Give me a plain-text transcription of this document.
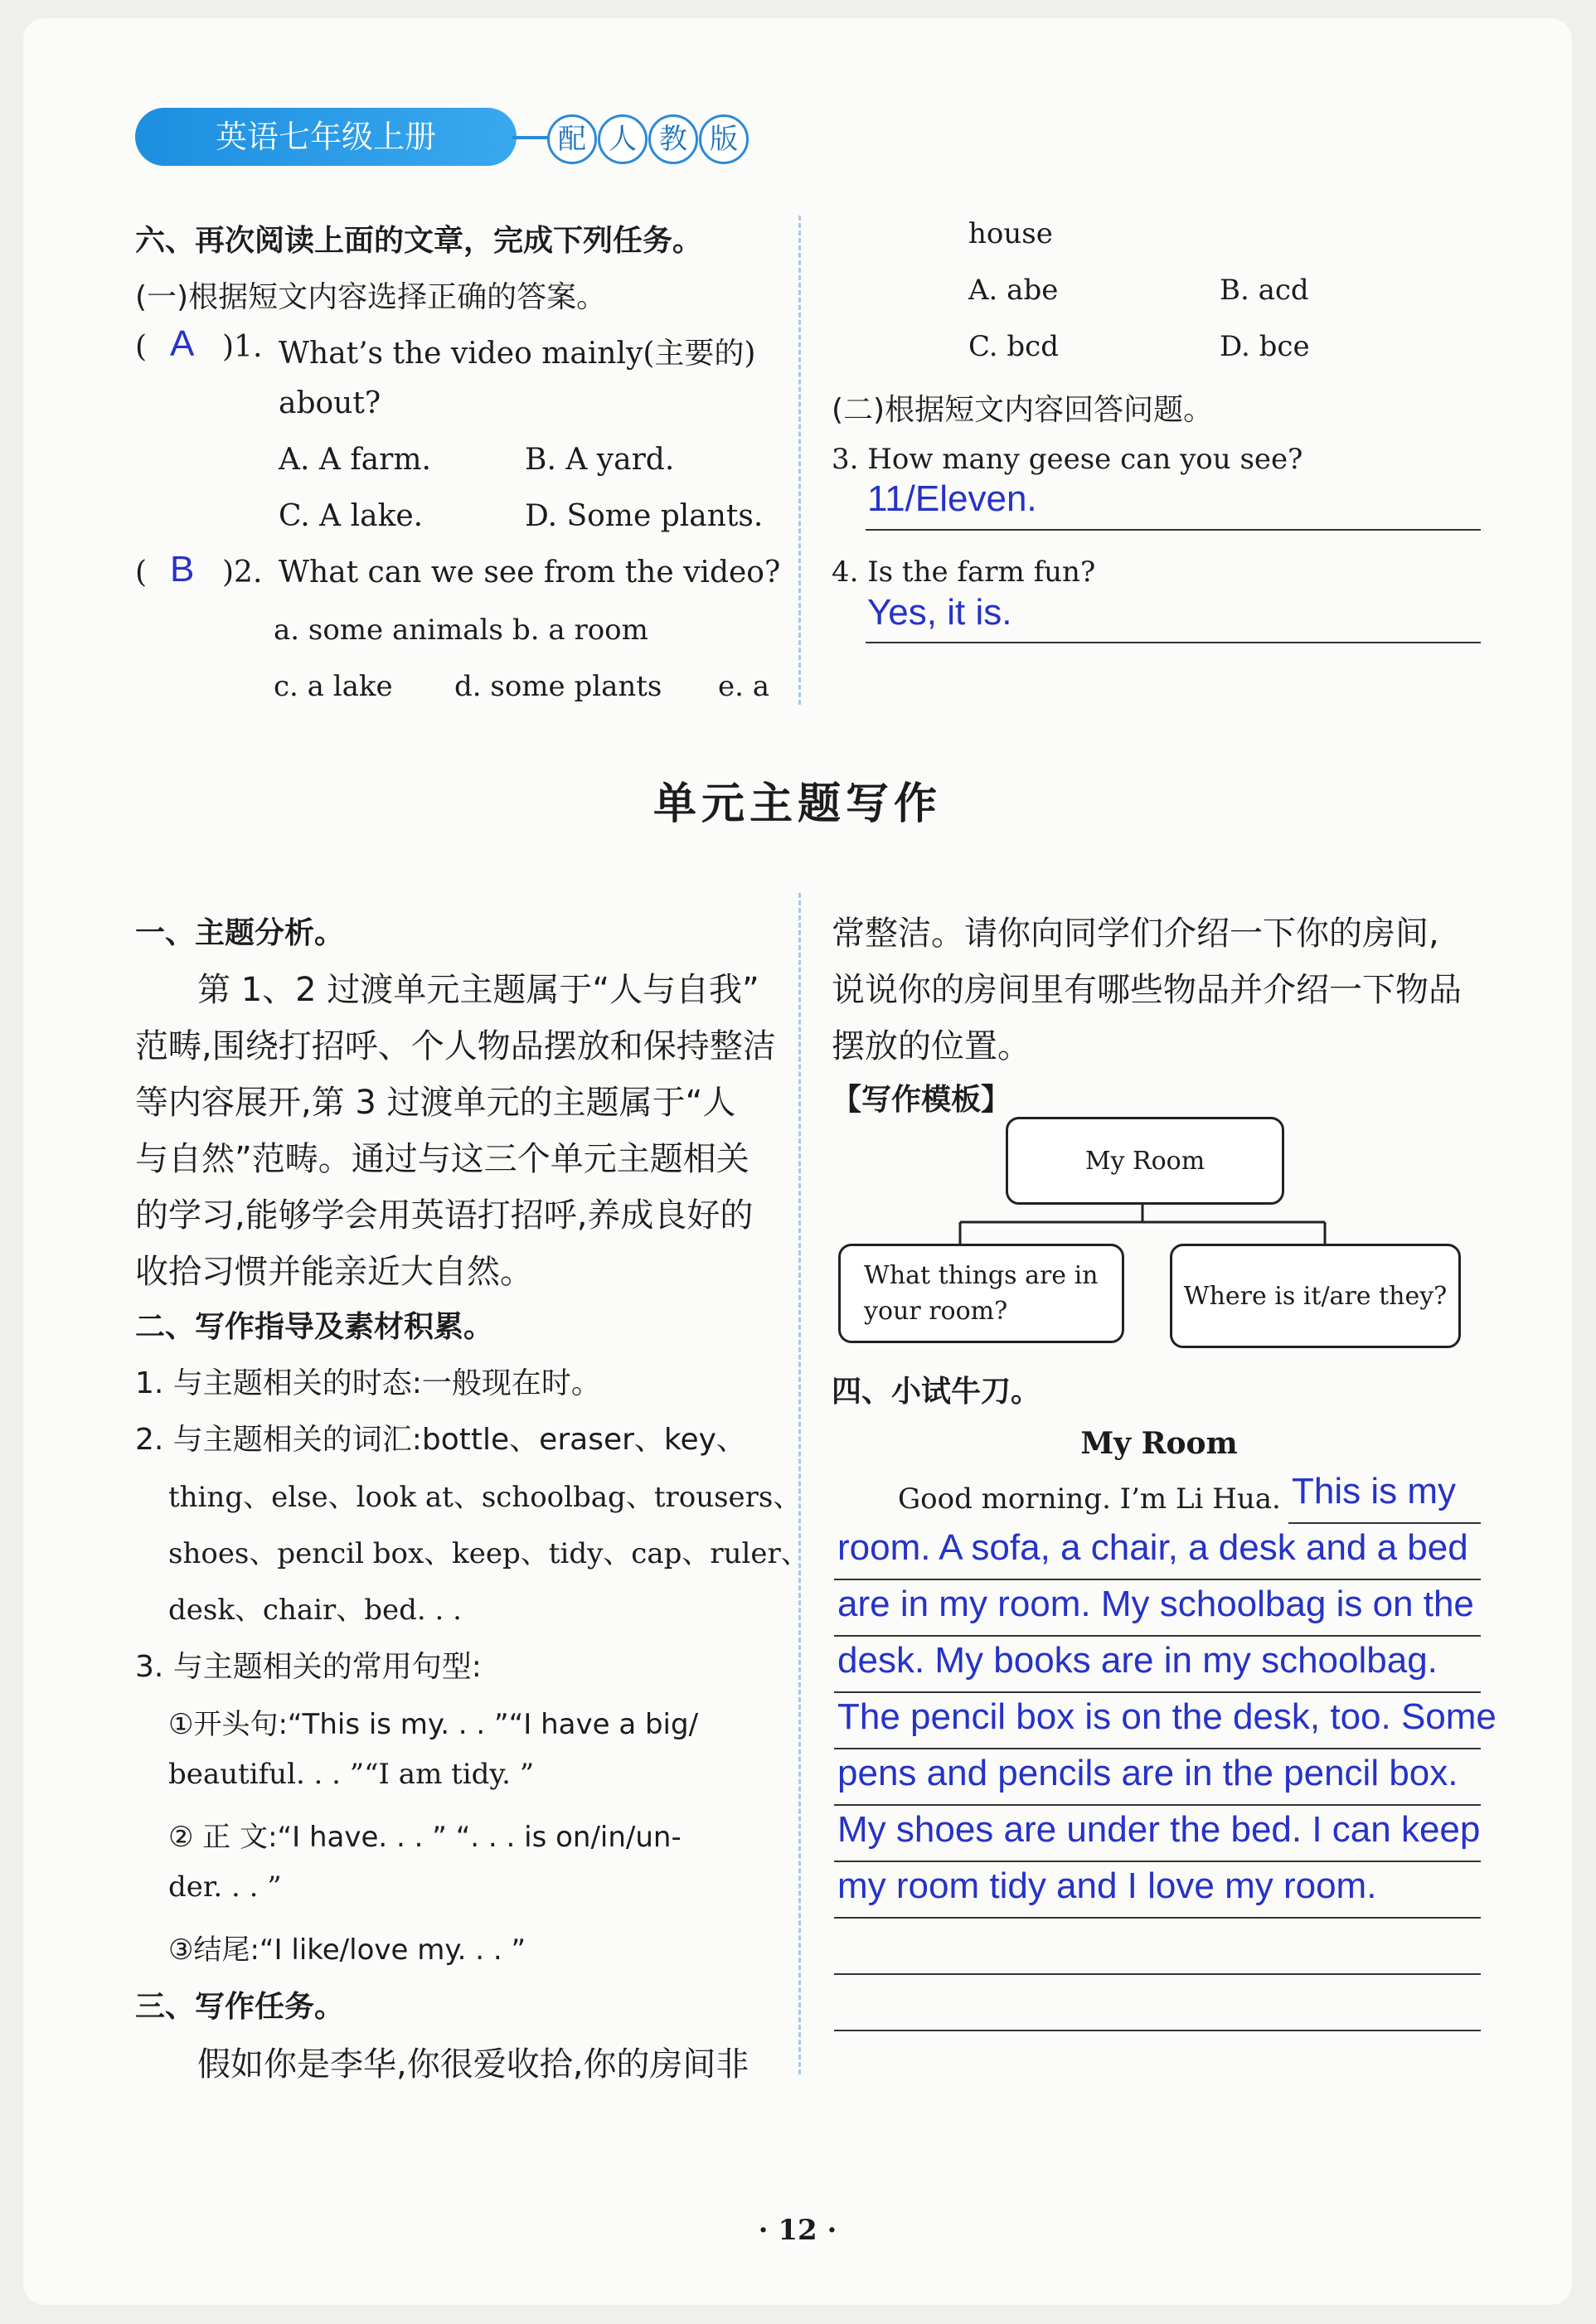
英语七年级上册	配 人 教 版
六、再次阅读上面的文章，完成下列任务。
(一)根据短文内容选择正确的答案。
( A )1. What’s the video mainly(主要的)
about?
A. A farm.	B. A yard.
C. A lake.	D. Some plants.
( B )2. What can we see from the video?
a. some animals b. a room
c. a lake d. some plants e. a
house
A. abe	B. acd
C. bcd	D. bce
(二)根据短文内容回答问题。
3. How many geese can you see?
11/Eleven.
4. Is the farm fun?
Yes, it is.
单元主题写作
一、主题分析。
第 1、2 过渡单元主题属于“人与自我”
范畴,围绕打招呼、个人物品摆放和保持整洁
等内容展开,第 3 过渡单元的主题属于“人
与自然”范畴。通过与这三个单元主题相关
的学习,能够学会用英语打招呼,养成良好的
收拾习惯并能亲近大自然。
二、写作指导及素材积累。
1. 与主题相关的时态:一般现在时。
2. 与主题相关的词汇:bottle、eraser、key、
thing、else、look at、schoolbag、trousers、
shoes、pencil box、keep、tidy、cap、ruler、
desk、chair、bed. . .
3. 与主题相关的常用句型:
①开头句:“This is my. . . ”“I have a big/
beautiful. . . ”“I am tidy. ”
② 正 文:“I have. . . ” “. . . is on/in/un-
der. . . ”
③结尾:“I like/love my. . . ”
三、写作任务。
假如你是李华,你很爱收拾,你的房间非
常整洁。请你向同学们介绍一下你的房间,
说说你的房间里有哪些物品并介绍一下物品
摆放的位置。
【写作模板】
My Room
What things are in
your room?
Where is it/are they?
四、小试牛刀。
My Room
Good morning. I’m Li Hua. This is my
room. A sofa, a chair, a desk and a bed
are in my room. My schoolbag is on the
desk. My books are in my schoolbag.
The pencil box is on the desk, too. Some
pens and pencils are in the pencil box.
My shoes are under the bed. I can keep
my room tidy and I love my room.
· 12 ·
